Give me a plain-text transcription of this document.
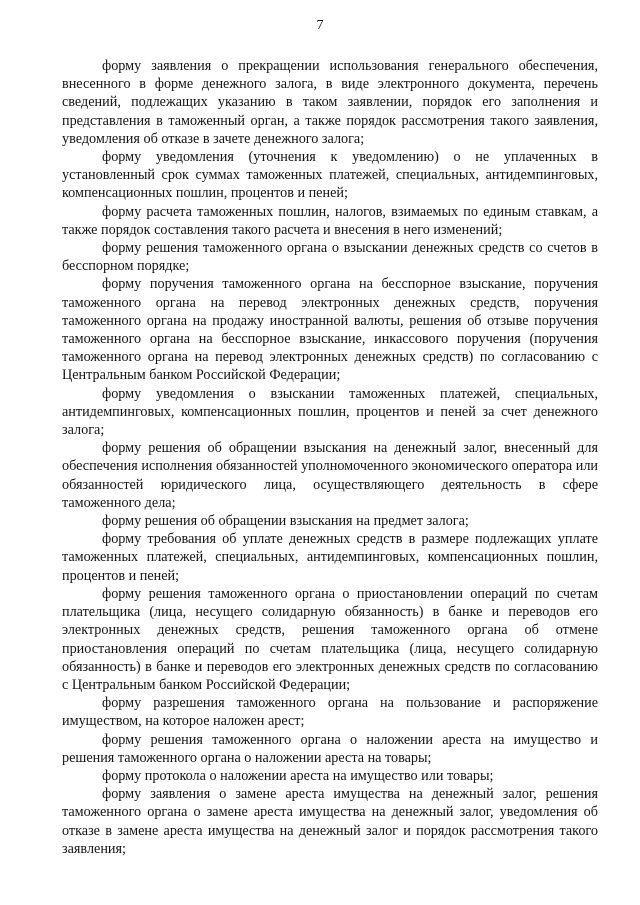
7

форму заявления о прекращении использования генерального обеспечения, внесенного в форме денежного залога, в виде электронного документа, перечень сведений, подлежащих указанию в таком заявлении, порядок его заполнения и представления в таможенный орган, а также порядок рассмотрения такого заявления, уведомления об отказе в зачете денежного залога;

форму уведомления (уточнения к уведомлению) о не уплаченных в установленный срок суммах таможенных платежей, специальных, антидемпинговых, компенсационных пошлин, процентов и пеней;

форму расчета таможенных пошлин, налогов, взимаемых по единым ставкам, а также порядок составления такого расчета и внесения в него изменений;

форму решения таможенного органа о взыскании денежных средств со счетов в бесспорном порядке;

форму поручения таможенного органа на бесспорное взыскание, поручения таможенного органа на перевод электронных денежных средств, поручения таможенного органа на продажу иностранной валюты, решения об отзыве поручения таможенного органа на бесспорное взыскание, инкассового поручения (поручения таможенного органа на перевод электронных денежных средств) по согласованию с Центральным банком Российской Федерации;

форму уведомления о взыскании таможенных платежей, специальных, антидемпинговых, компенсационных пошлин, процентов и пеней за счет денежного залога;

форму решения об обращении взыскания на денежный залог, внесенный для обеспечения исполнения обязанностей уполномоченного экономического оператора или обязанностей юридического лица, осуществляющего деятельность в сфере таможенного дела;

форму решения об обращении взыскания на предмет залога;

форму требования об уплате денежных средств в размере подлежащих уплате таможенных платежей, специальных, антидемпинговых, компенсационных пошлин, процентов и пеней;

форму решения таможенного органа о приостановлении операций по счетам плательщика (лица, несущего солидарную обязанность) в банке и переводов его электронных денежных средств, решения таможенного органа об отмене приостановления операций по счетам плательщика (лица, несущего солидарную обязанность) в банке и переводов его электронных денежных средств по согласованию с Центральным банком Российской Федерации;

форму разрешения таможенного органа на пользование и распоряжение имуществом, на которое наложен арест;

форму решения таможенного органа о наложении ареста на имущество и решения таможенного органа о наложении ареста на товары;

форму протокола о наложении ареста на имущество или товары;

форму заявления о замене ареста имущества на денежный залог, решения таможенного органа о замене ареста имущества на денежный залог, уведомления об отказе в замене ареста имущества на денежный залог и порядок рассмотрения такого заявления;
